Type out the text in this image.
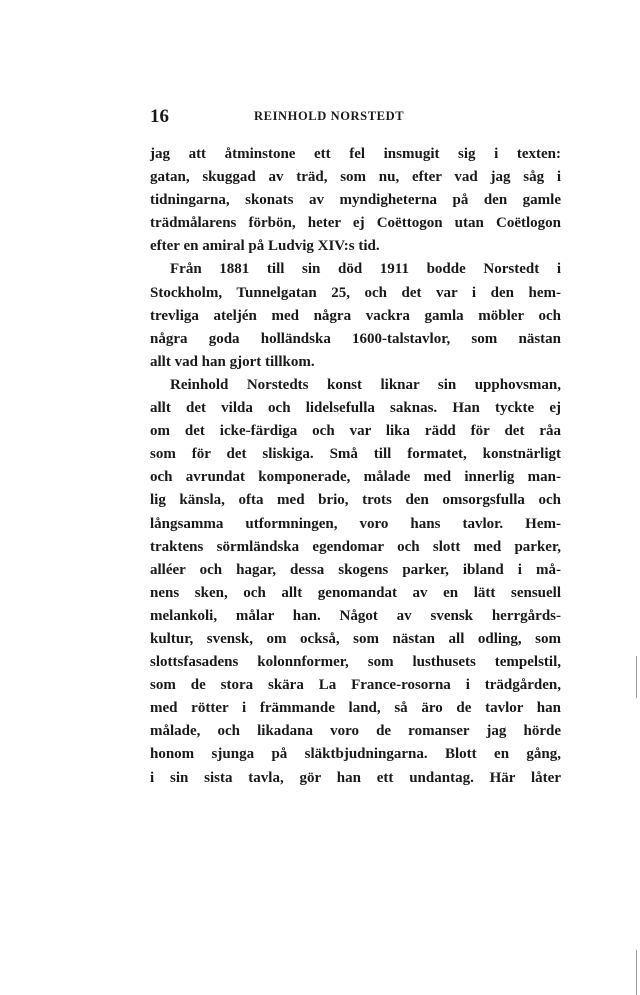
16	REINHOLD NORSTEDT
jag att åtminstone ett fel insmugit sig i texten:
gatan, skuggad av träd, som nu, efter vad jag såg i
tidningarna, skonats av myndigheterna på den gamle
trädmålarens förbön, heter ej Coëttogon utan Coëtlogon
efter en amiral på Ludvig XIV:s tid.
Från 1881 till sin död 1911 bodde Norstedt i
Stockholm, Tunnelgatan 25, och det var i den hem-
trevliga ateljén med några vackra gamla möbler och
några goda holländska 1600-talstavlor, som nästan
allt vad han gjort tillkom.
Reinhold Norstedts konst liknar sin upphovsman,
allt det vilda och lidelsefulla saknas. Han tyckte ej
om det icke-färdiga och var lika rädd för det råa
som för det sliskiga. Små till formatet, konstnärligt
och avrundat komponerade, målade med innerlig man-
lig känsla, ofta med brio, trots den omsorgsfulla och
långsamma utformningen, voro hans tavlor. Hem-
traktens sörmländska egendomar och slott med parker,
alléer och hagar, dessa skogens parker, ibland i må-
nens sken, och allt genomandat av en lätt sensuell
melankoli, målar han. Något av svensk herrgårds-
kultur, svensk, om också, som nästan all odling, som
slottsfasadens kolonnformer, som lusthusets tempelstil,
som de stora skära La France-rosorna i trädgården,
med rötter i främmande land, så äro de tavlor han
målade, och likadana voro de romanser jag hörde
honom sjunga på släktbjudningarna. Blott en gång,
i sin sista tavla, gör han ett undantag. Här låter
